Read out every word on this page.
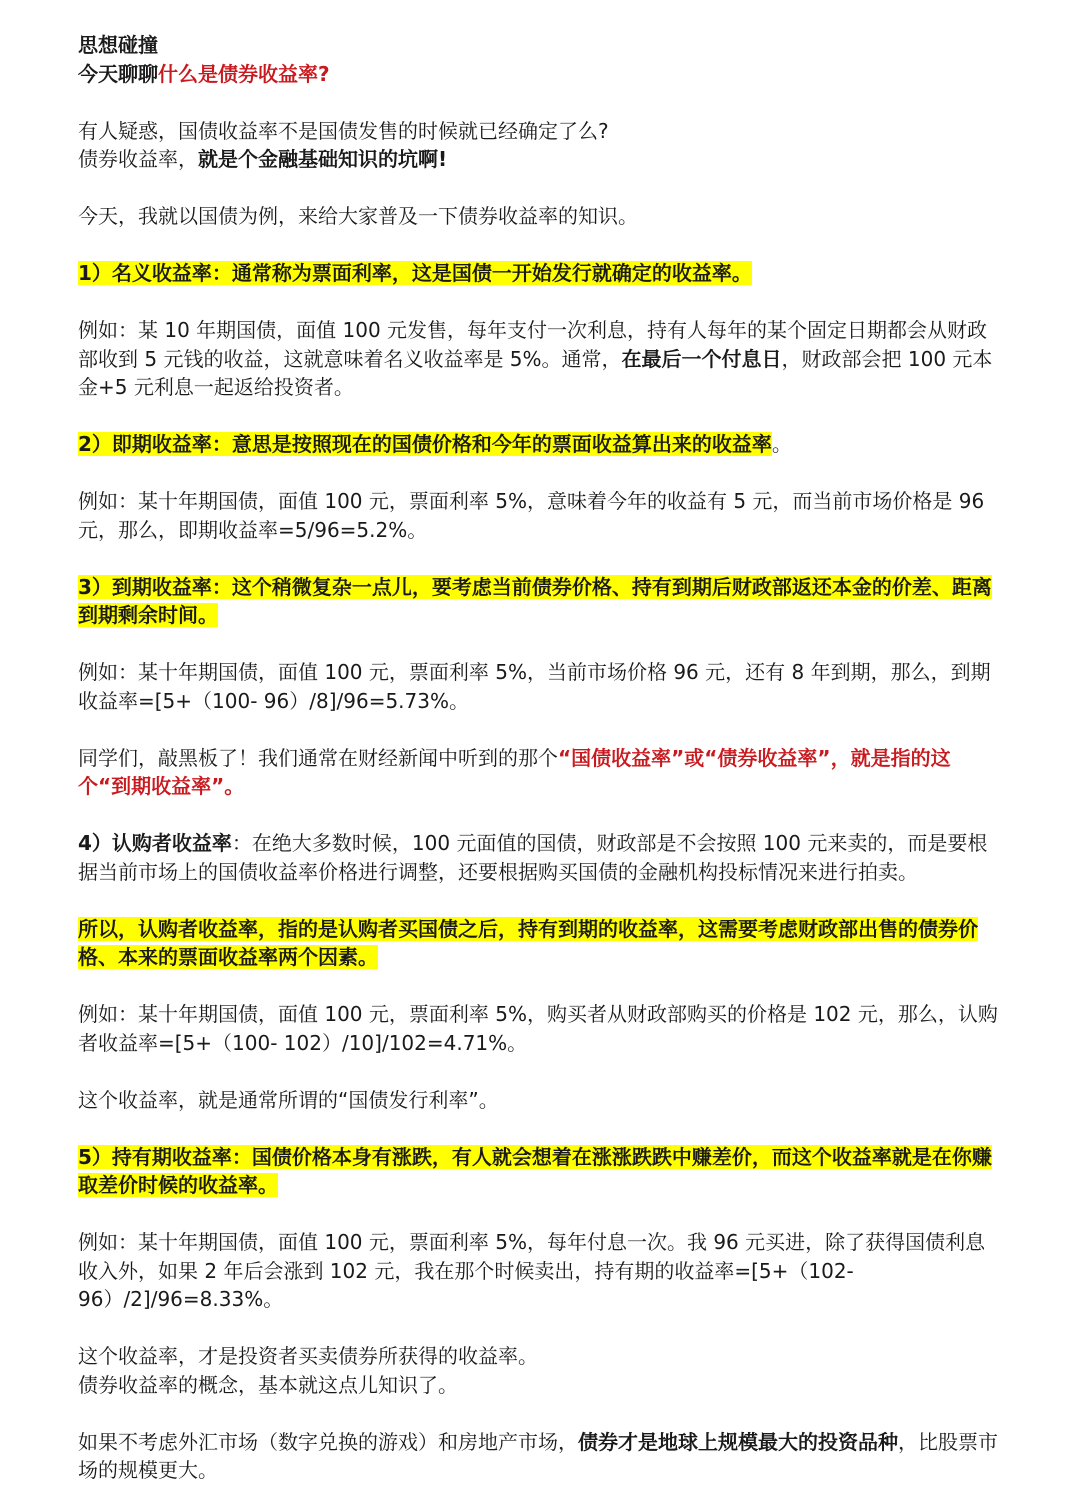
思想碰撞

今天聊聊什么是债券收益率?

有人疑惑，国债收益率不是国债发售的时候就已经确定了么?

债券收益率，就是个金融基础知识的坑啊!

今天，我就以国债为例，来给大家普及一下债券收益率的知识。

1）名义收益率：通常称为票面利率，这是国债一开始发行就确定的收益率。

例如：某 10 年期国债，面值 100 元发售，每年支付一次利息，持有人每年的某个固定日期都会从财政部收到 5 元钱的收益，这就意味着名义收益率是 5%。通常，在最后一个付息日，财政部会把 100 元本金+5 元利息一起返给投资者。

2）即期收益率：意思是按照现在的国债价格和今年的票面收益算出来的收益率。

例如：某十年期国债，面值 100 元，票面利率 5%，意味着今年的收益有 5 元，而当前市场价格是 96 元，那么，即期收益率=5/96=5.2%。

3）到期收益率：这个稍微复杂一点儿，要考虑当前债券价格、持有到期后财政部返还本金的价差、距离到期剩余时间。

例如：某十年期国债，面值 100 元，票面利率 5%，当前市场价格 96 元，还有 8 年到期，那么，到期收益率=[5+（100- 96）/8]/96=5.73%。

同学们，敲黑板了！我们通常在财经新闻中听到的那个“国债收益率”或“债券收益率”，就是指的这个“到期收益率”。

4）认购者收益率：在绝大多数时候，100 元面值的国债，财政部是不会按照 100 元来卖的，而是要根据当前市场上的国债收益率价格进行调整，还要根据购买国债的金融机构投标情况来进行拍卖。

所以，认购者收益率，指的是认购者买国债之后，持有到期的收益率，这需要考虑财政部出售的债券价格、本来的票面收益率两个因素。

例如：某十年期国债，面值 100 元，票面利率 5%，购买者从财政部购买的价格是 102 元，那么，认购者收益率=[5+（100- 102）/10]/102=4.71%。

这个收益率，就是通常所谓的“国债发行利率”。

5）持有期收益率：国债价格本身有涨跌，有人就会想着在涨涨跌跌中赚差价，而这个收益率就是在你赚取差价时候的收益率。

例如：某十年期国债，面值 100 元，票面利率 5%，每年付息一次。我 96 元买进，除了获得国债利息收入外，如果 2 年后会涨到 102 元，我在那个时候卖出，持有期的收益率=[5+（102- 96）/2]/96=8.33%。

这个收益率，才是投资者买卖债券所获得的收益率。

债券收益率的概念，基本就这点儿知识了。

如果不考虑外汇市场（数字兑换的游戏）和房地产市场，债券才是地球上规模最大的投资品种，比股票市场的规模更大。
